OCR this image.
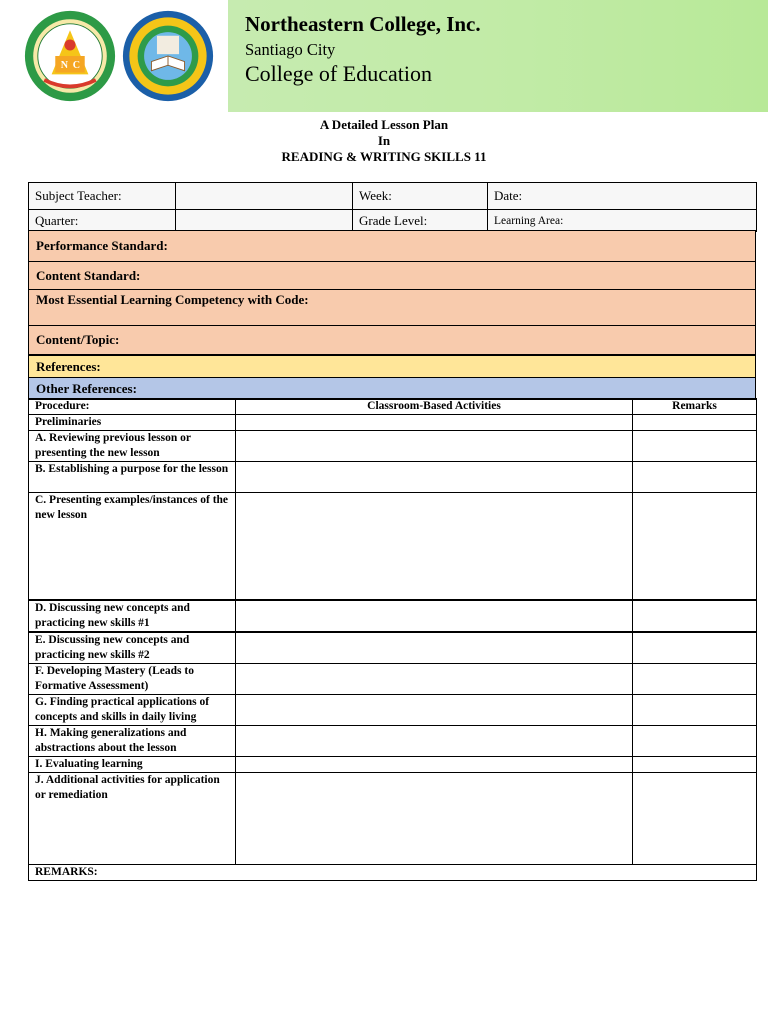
N C
Northeastern College, Inc.
Santiago City
College of Education
A Detailed Lesson Plan
In
READING & WRITING SKILLS 11
Subject Teacher:		Week:	Date:
Quarter:		Grade Level:	Learning Area:
Performance Standard:
Content Standard:
Most Essential Learning Competency with Code:
Content/Topic:
References:
Other References:
Procedure:	Classroom-Based Activities	Remarks
Preliminaries		
A. Reviewing previous lesson or presenting the new lesson		
B. Establishing a purpose for the lesson		
C. Presenting examples/instances of the new lesson		
D. Discussing new concepts and practicing new skills #1		
E. Discussing new concepts and practicing new skills #2		
F. Developing Mastery (Leads to Formative Assessment)		
G. Finding practical applications of concepts and skills in daily living		
H. Making generalizations and abstractions about the lesson		
I. Evaluating learning		
J. Additional activities for application or remediation		
REMARKS:		
